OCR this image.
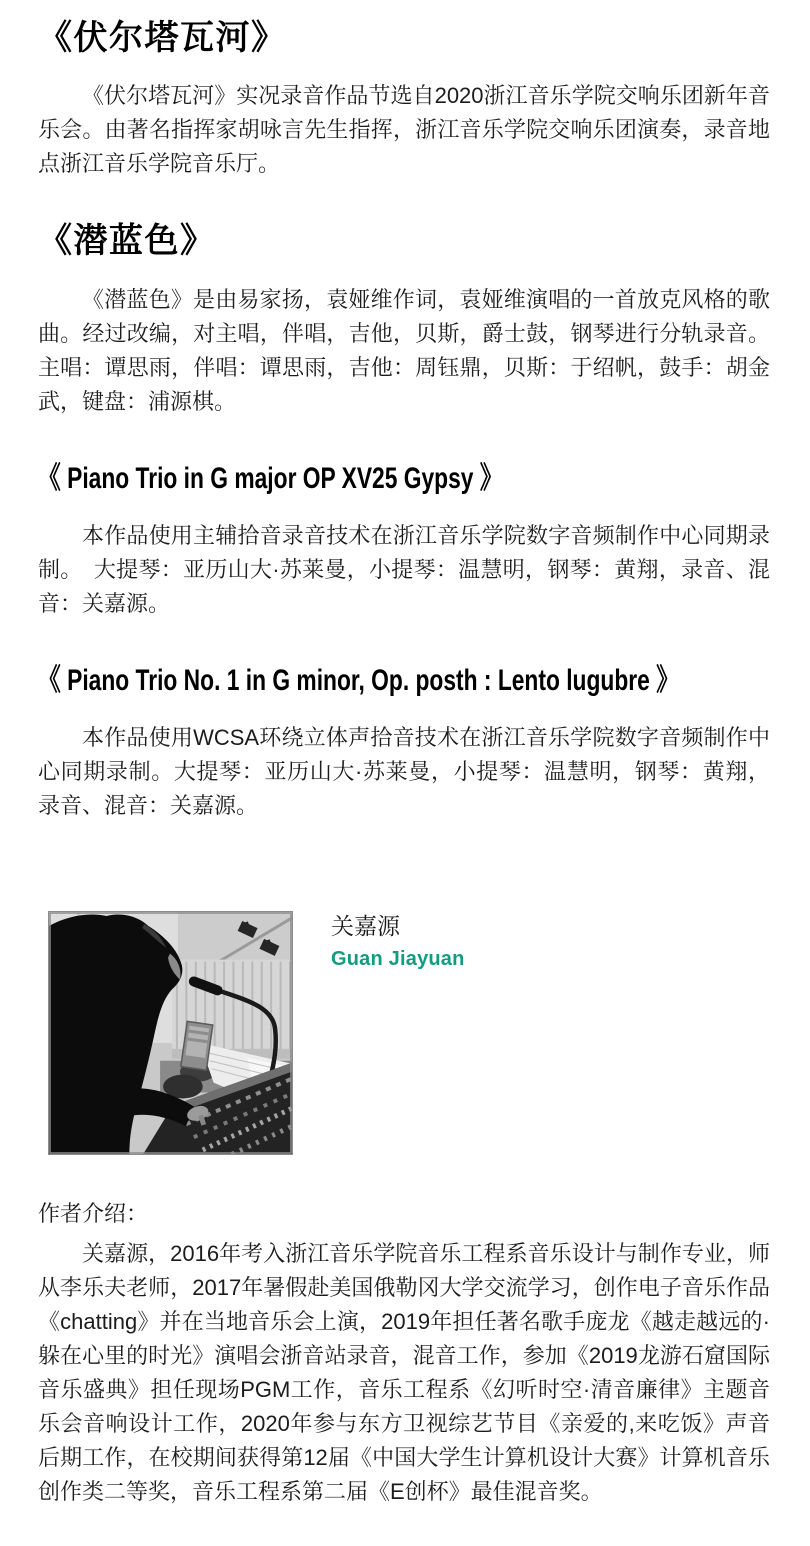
《伏尔塔瓦河》

《伏尔塔瓦河》实况录音作品节选自2020浙江音乐学院交响乐团新年音乐会。由著名指挥家胡咏言先生指挥，浙江音乐学院交响乐团演奏，录音地点浙江音乐学院音乐厅。

《潜蓝色》

《潜蓝色》是由易家扬，袁娅维作词，袁娅维演唱的一首放克风格的歌曲。经过改编，对主唱，伴唱，吉他，贝斯，爵士鼓，钢琴进行分轨录音。主唱：谭思雨，伴唱：谭思雨，吉他：周钰鼎，贝斯：于绍帆，鼓手：胡金武，键盘：浦源棋。

《 Piano Trio in G major OP XV25 Gypsy 》

本作品使用主辅拾音录音技术在浙江音乐学院数字音频制作中心同期录制。　大提琴：亚历山大·苏莱曼，小提琴：温慧明，钢琴：黄翔，录音、混音：关嘉源。

《 Piano Trio No. 1 in G minor, Op. posth : Lento lugubre 》

本作品使用WCSA环绕立体声拾音技术在浙江音乐学院数字音频制作中心同期录制。大提琴：亚历山大·苏莱曼，小提琴：温慧明，钢琴：黄翔，录音、混音：关嘉源。

关嘉源
Guan Jiayuan
作者介绍：

关嘉源，2016年考入浙江音乐学院音乐工程系音乐设计与制作专业，师从李乐夫老师，2017年暑假赴美国俄勒冈大学交流学习，创作电子音乐作品《chatting》并在当地音乐会上演，2019年担任著名歌手庞龙《越走越远的·躲在心里的时光》演唱会浙音站录音，混音工作，参加《2019龙游石窟国际音乐盛典》担任现场PGM工作，音乐工程系《幻听时空·清音廉律》主题音乐会音响设计工作，2020年参与东方卫视综艺节目《亲爱的,来吃饭》声音后期工作，在校期间获得第12届《中国大学生计算机设计大赛》计算机音乐创作类二等奖，音乐工程系第二届《E创杯》最佳混音奖。
